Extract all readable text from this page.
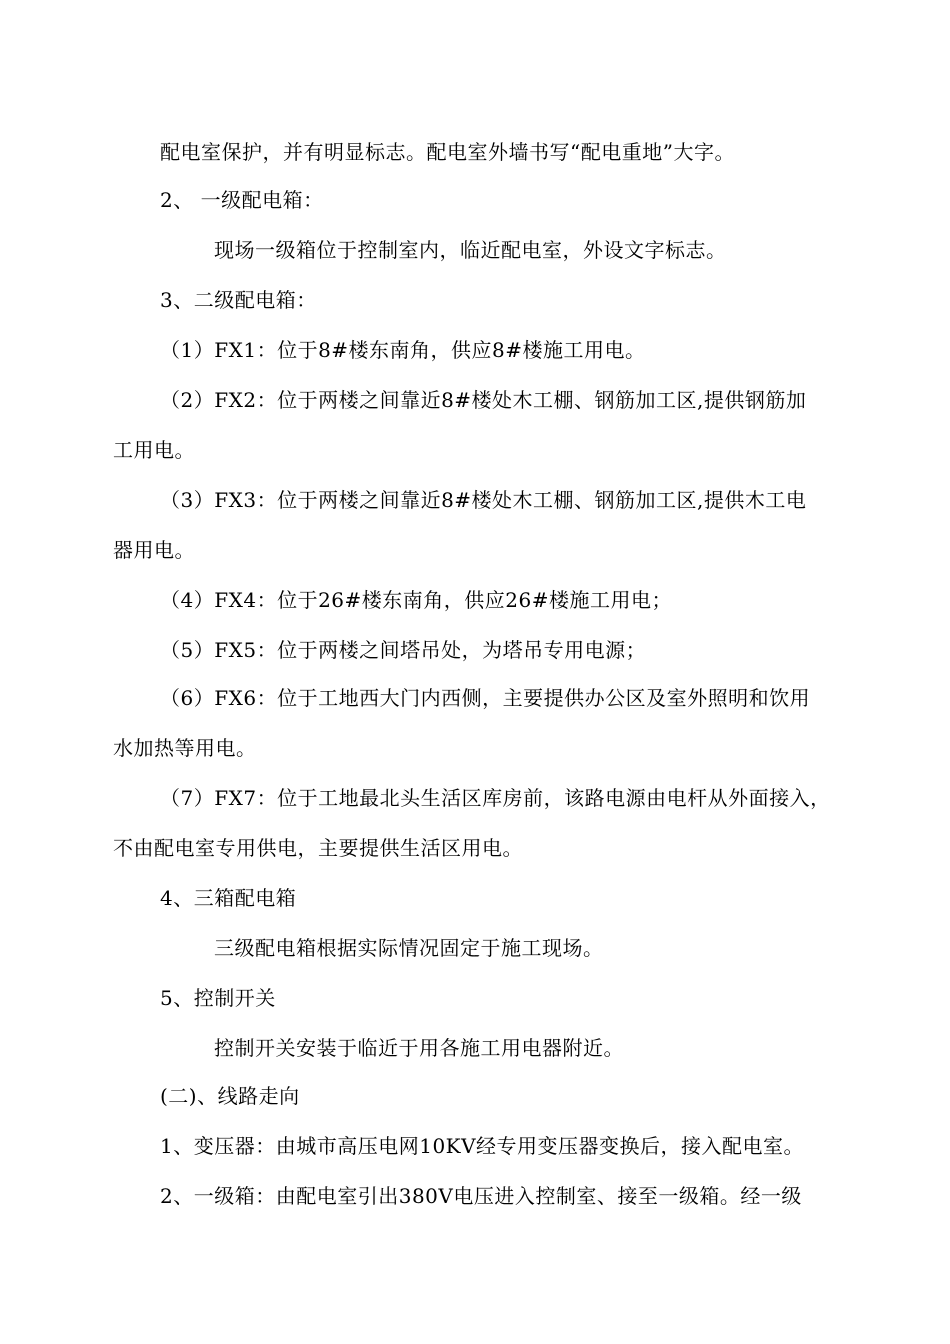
配电室保护，并有明显标志。配电室外墙书写“配电重地”大字。
2、 一级配电箱：
现场一级箱位于控制室内，临近配电室，外设文字标志。
3、二级配电箱：
（1）FX1：位于8#楼东南角，供应8#楼施工用电。
（2）FX2：位于两楼之间靠近8#楼处木工棚、钢筋加工区,提供钢筋加
工用电。
（3）FX3：位于两楼之间靠近8#楼处木工棚、钢筋加工区,提供木工电
器用电。
（4）FX4：位于26#楼东南角，供应26#楼施工用电；
（5）FX5：位于两楼之间塔吊处，为塔吊专用电源；
（6）FX6：位于工地西大门内西侧，主要提供办公区及室外照明和饮用
水加热等用电。
（7）FX7：位于工地最北头生活区库房前，该路电源由电杆从外面接入，
不由配电室专用供电，主要提供生活区用电。
4、三箱配电箱
三级配电箱根据实际情况固定于施工现场。
5、控制开关
控制开关安装于临近于用各施工用电器附近。
(二)、线路走向
1、变压器：由城市高压电网10KV经专用变压器变换后，接入配电室。
2、一级箱：由配电室引出380V电压进入控制室、接至一级箱。经一级
